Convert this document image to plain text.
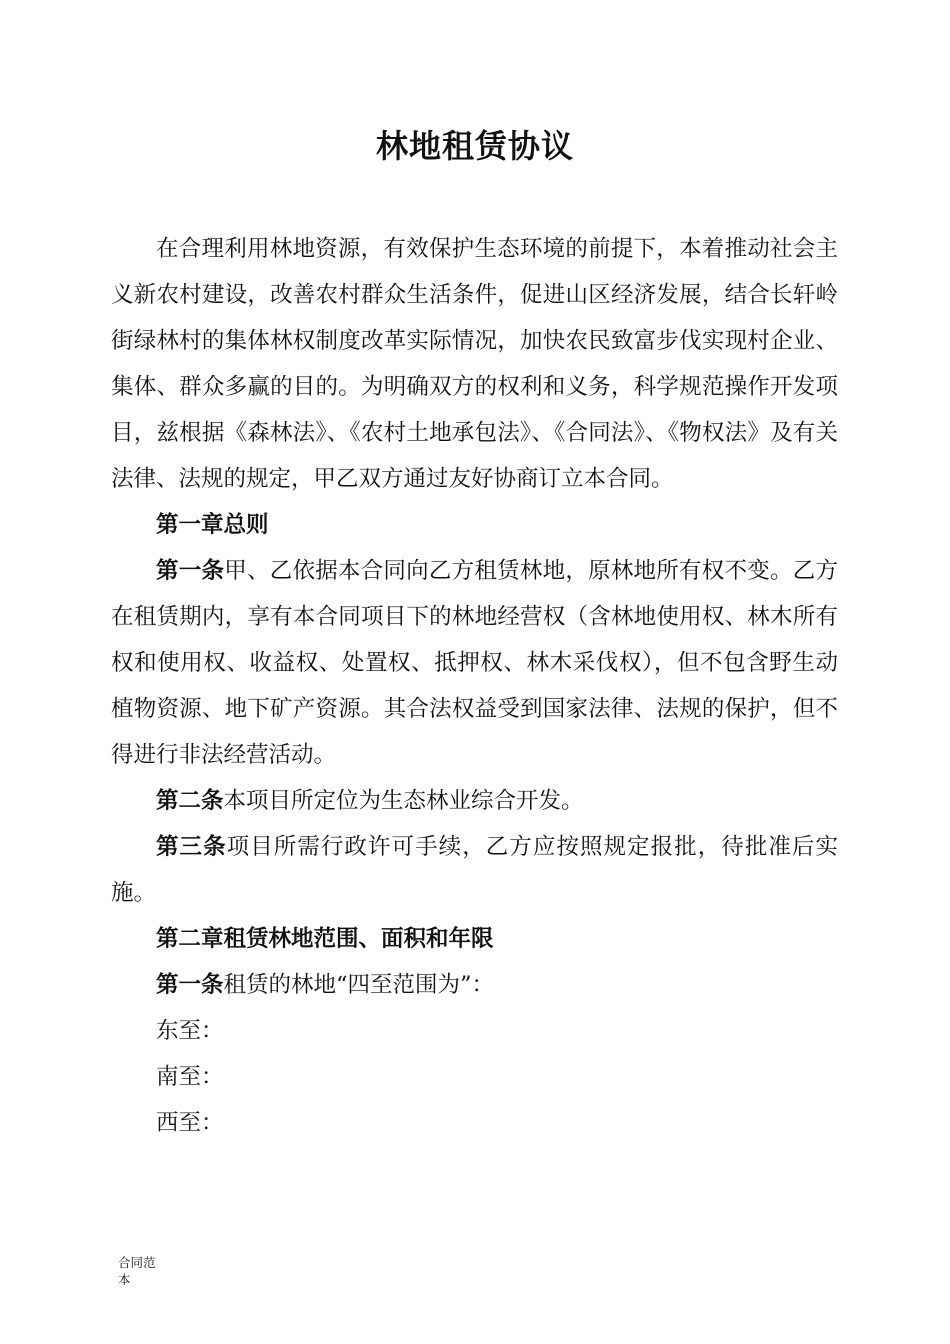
林地租赁协议

在合理利用林地资源，有效保护生态环境的前提下，本着推动社会主义新农村建设，改善农村群众生活条件，促进山区经济发展，结合长轩岭街绿林村的集体林权制度改革实际情况，加快农民致富步伐实现村企业、集体、群众多赢的目的。为明确双方的权利和义务，科学规范操作开发项目，兹根据《森林法》、《农村土地承包法》、《合同法》、《物权法》及有关法律、法规的规定，甲乙双方通过友好协商订立本合同。

第一章总则

第一条甲、乙依据本合同向乙方租赁林地，原林地所有权不变。乙方在租赁期内，享有本合同项目下的林地经营权（含林地使用权、林木所有权和使用权、收益权、处置权、抵押权、林木采伐权），但不包含野生动植物资源、地下矿产资源。其合法权益受到国家法律、法规的保护，但不得进行非法经营活动。

第二条本项目所定位为生态林业综合开发。

第三条项目所需行政许可手续，乙方应按照规定报批，待批准后实施。

第二章租赁林地范围、面积和年限

第一条租赁的林地“四至范围为”：

东至：

南至：

西至：

合同范
本
